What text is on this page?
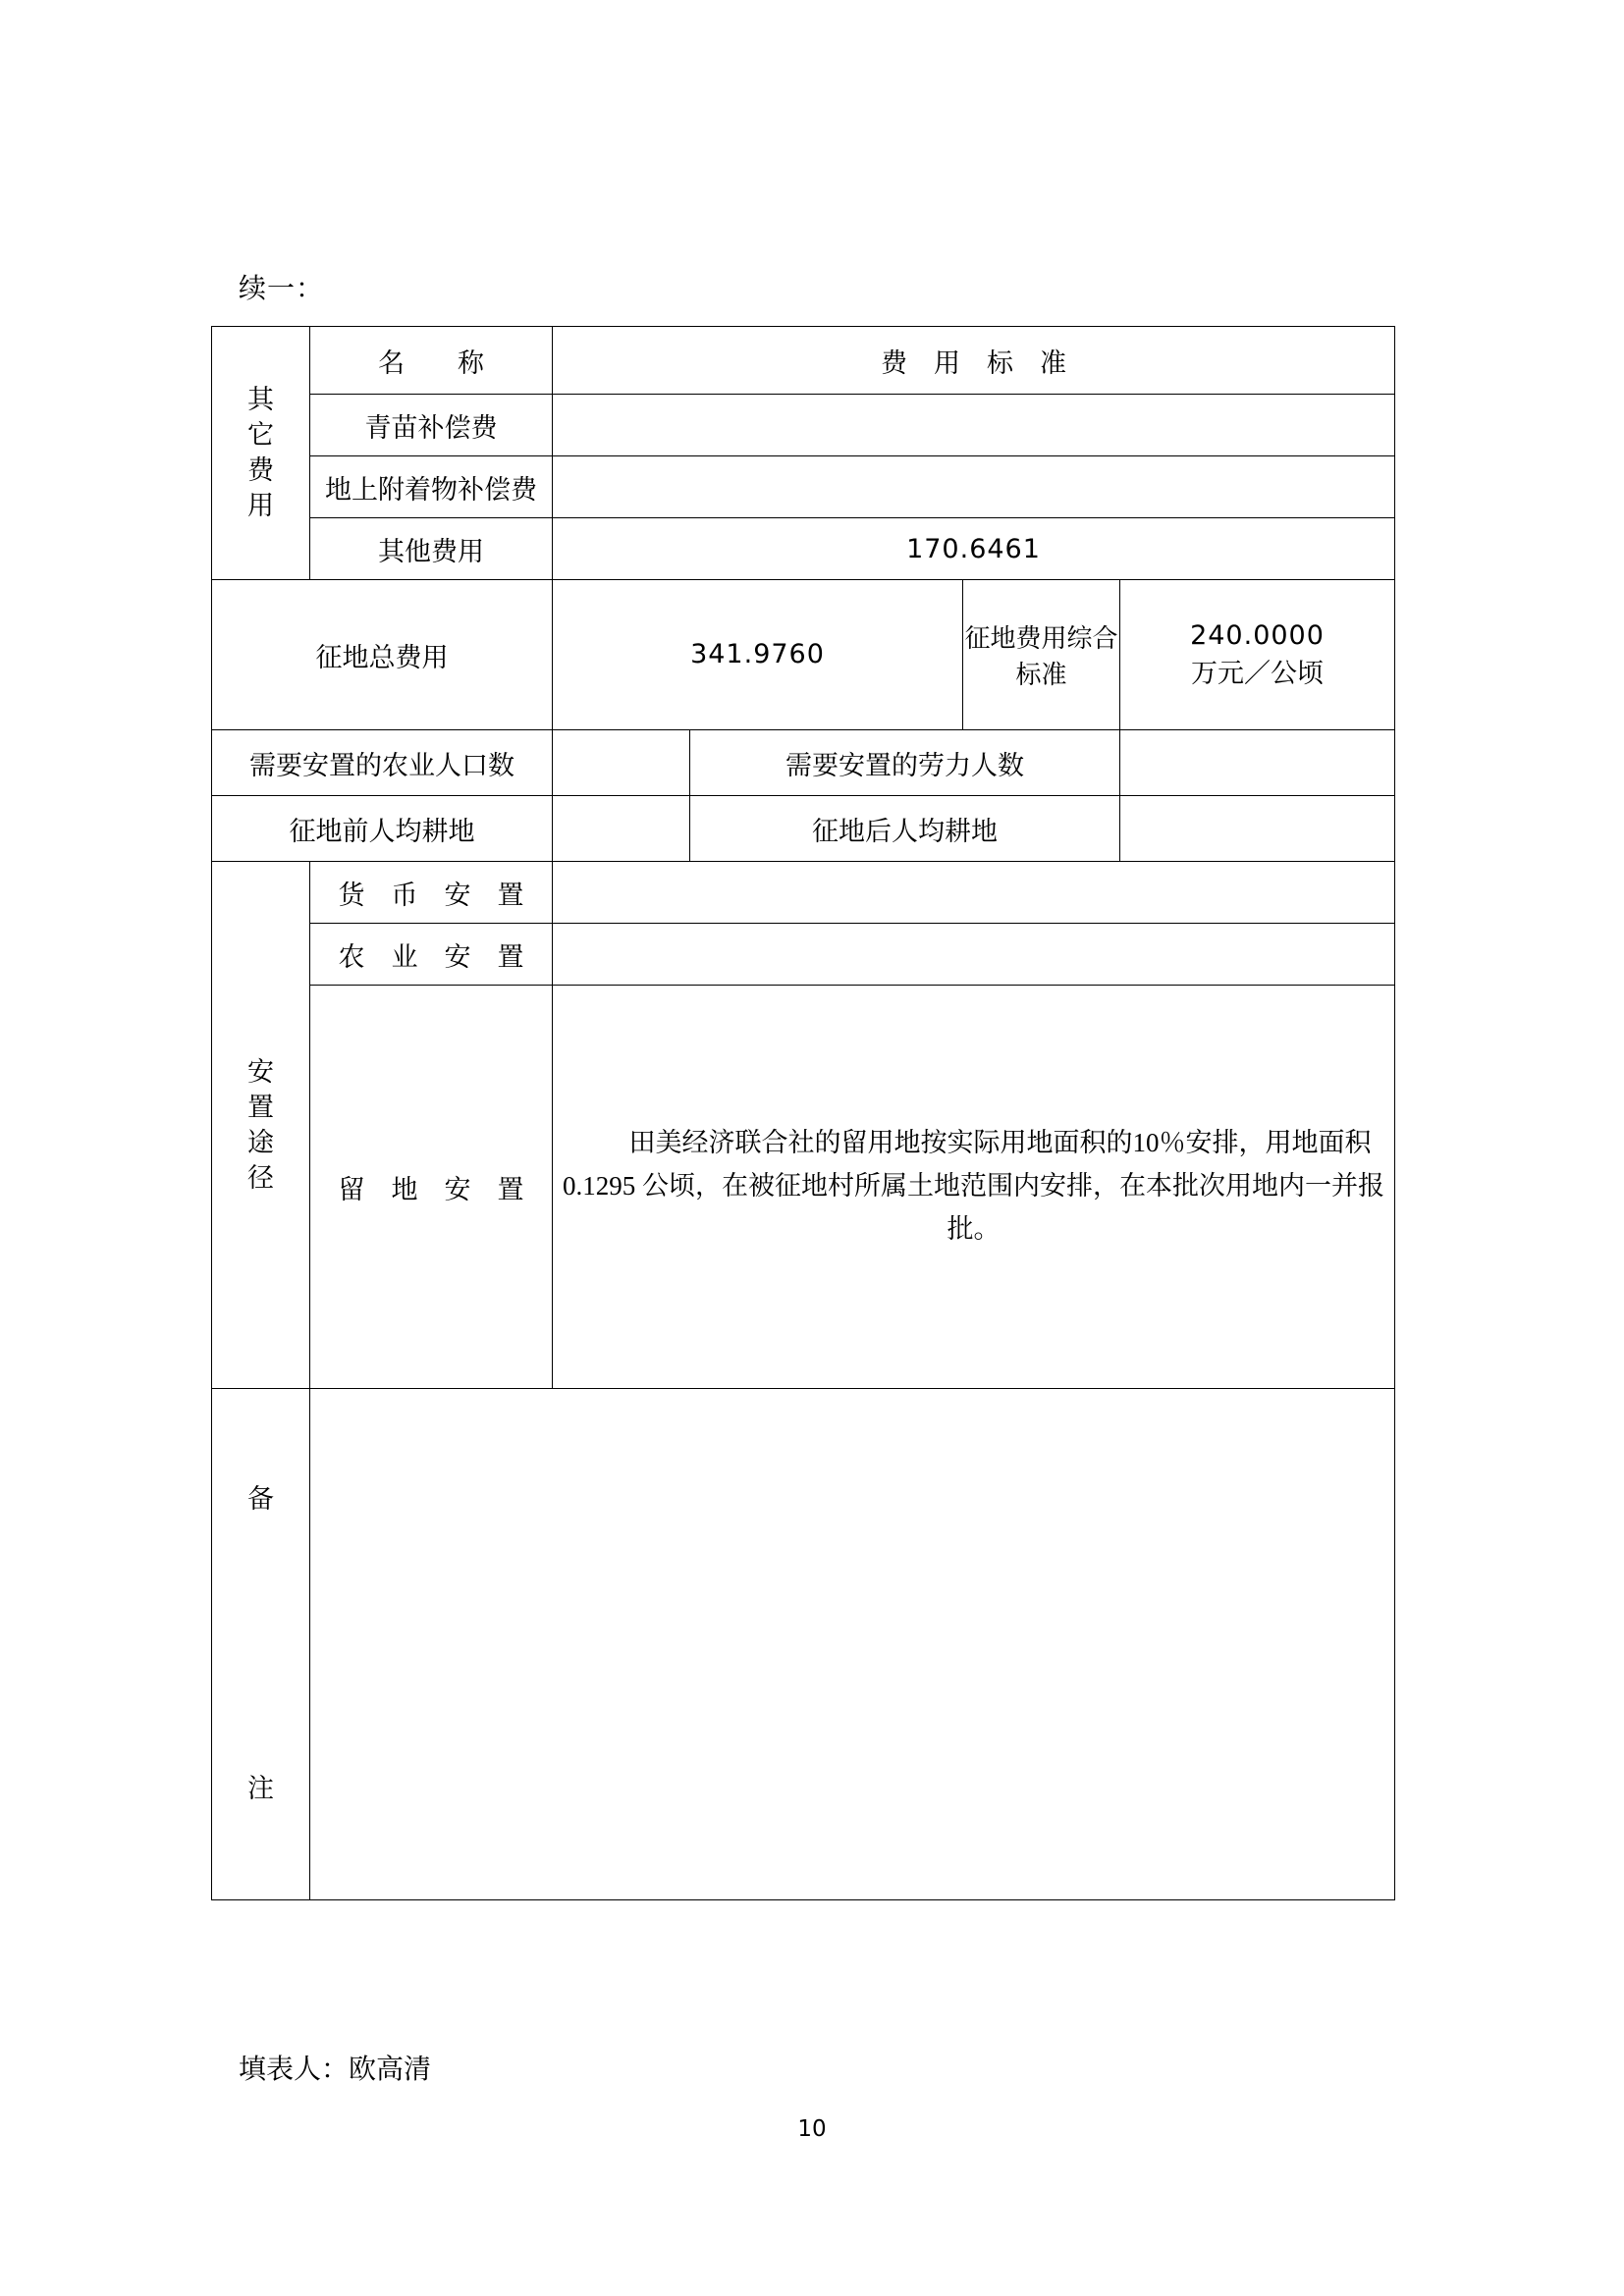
续一：
其
它
费
用	名　　称	费　用　标　准			
	青苗补偿费				
	地上附着物补偿费				
	其他费用	170.6461			
征地总费用		341.9760		征地费用综合标准	240.0000
万元／公顷
需要安置的农业人口数			需要安置的劳力人数		
征地前人均耕地			征地后人均耕地		

安
置
途
径	货　币　安　置				
	农　业　安　置				
	留　地　安　置	田美经济联合社的留用地按实际用地面积的10％安排，用地面积 0.1295 公顷，在被征地村所属土地范围内安排，在本批次用地内一并报批。			

备
注					

填表人：欧高清
10
